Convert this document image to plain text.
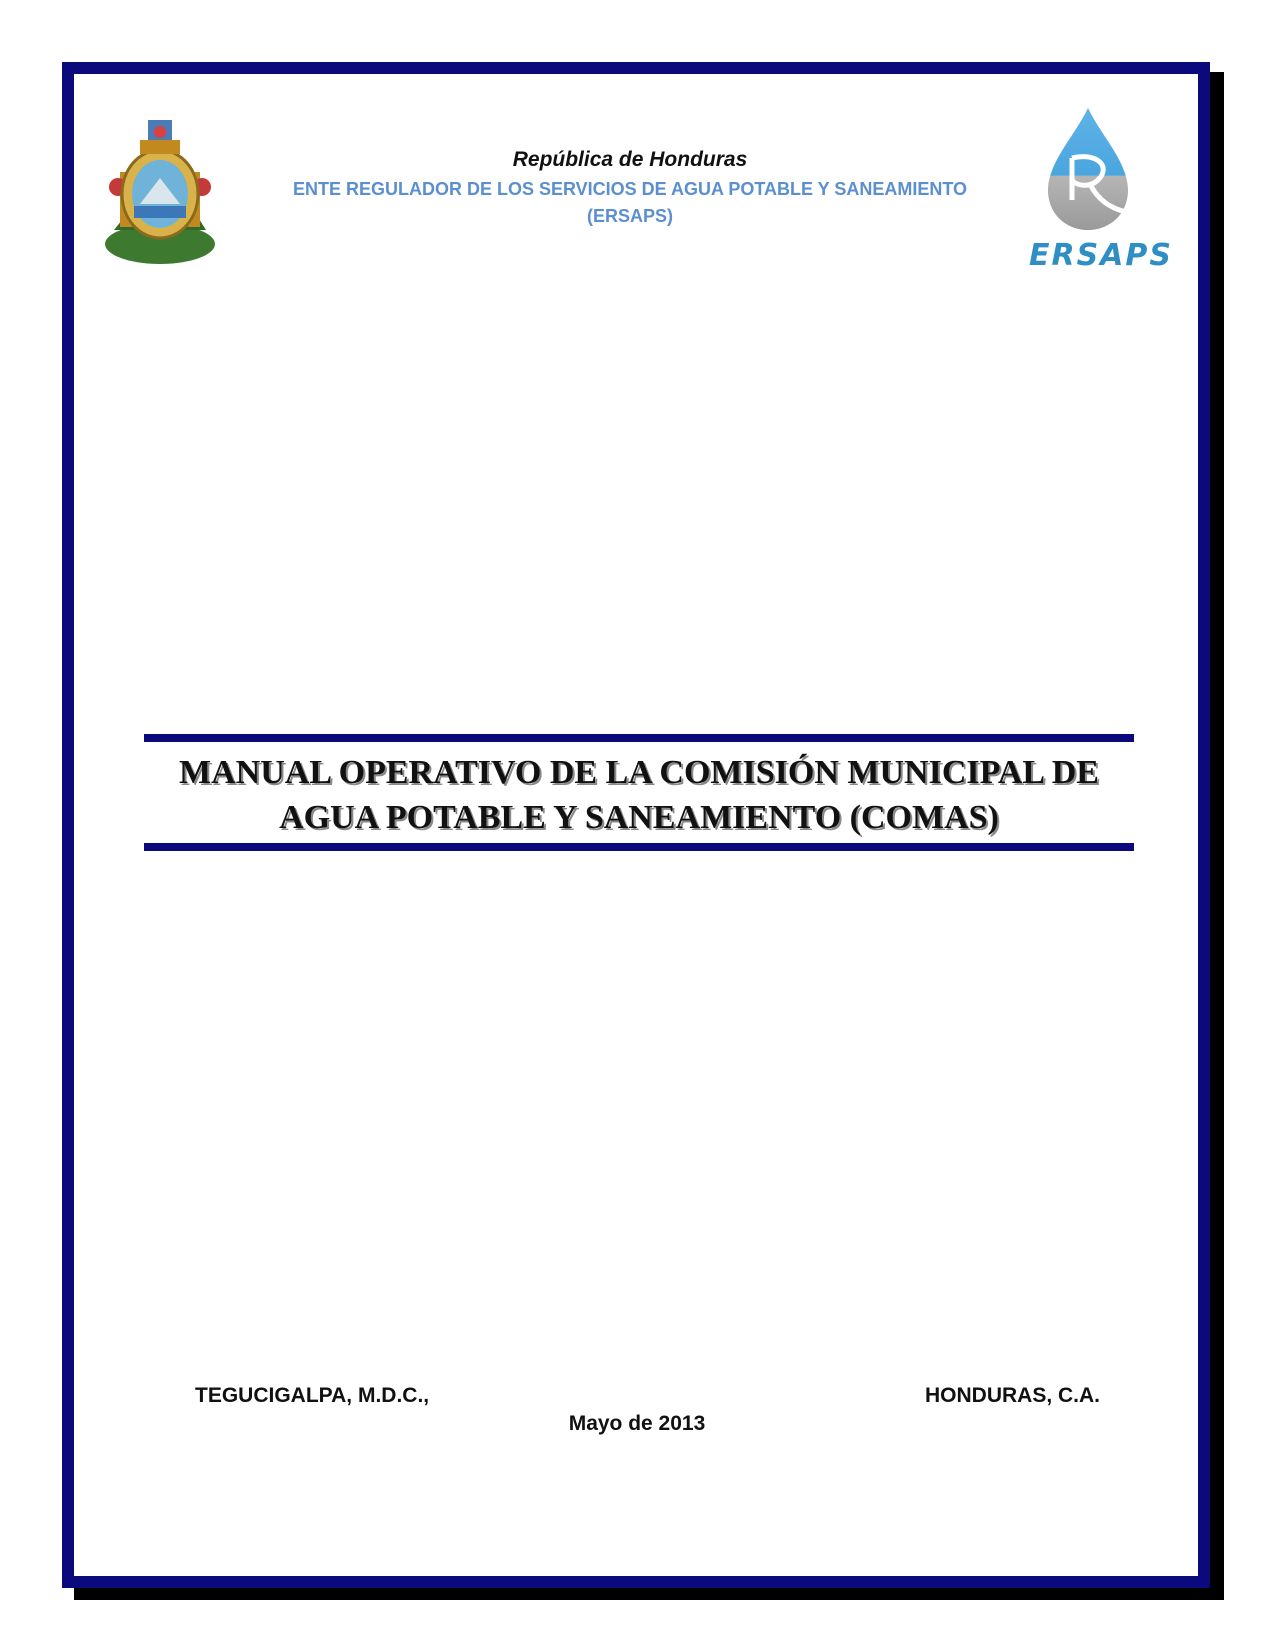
ERSAPS
República de Honduras
ENTE REGULADOR DE LOS SERVICIOS DE AGUA POTABLE Y SANEAMIENTO
(ERSAPS)
MANUAL OPERATIVO DE LA COMISIÓN MUNICIPAL DE
AGUA POTABLE Y SANEAMIENTO (COMAS)
TEGUCIGALPA, M.D.C.,	HONDURAS, C.A.
Mayo de 2013
